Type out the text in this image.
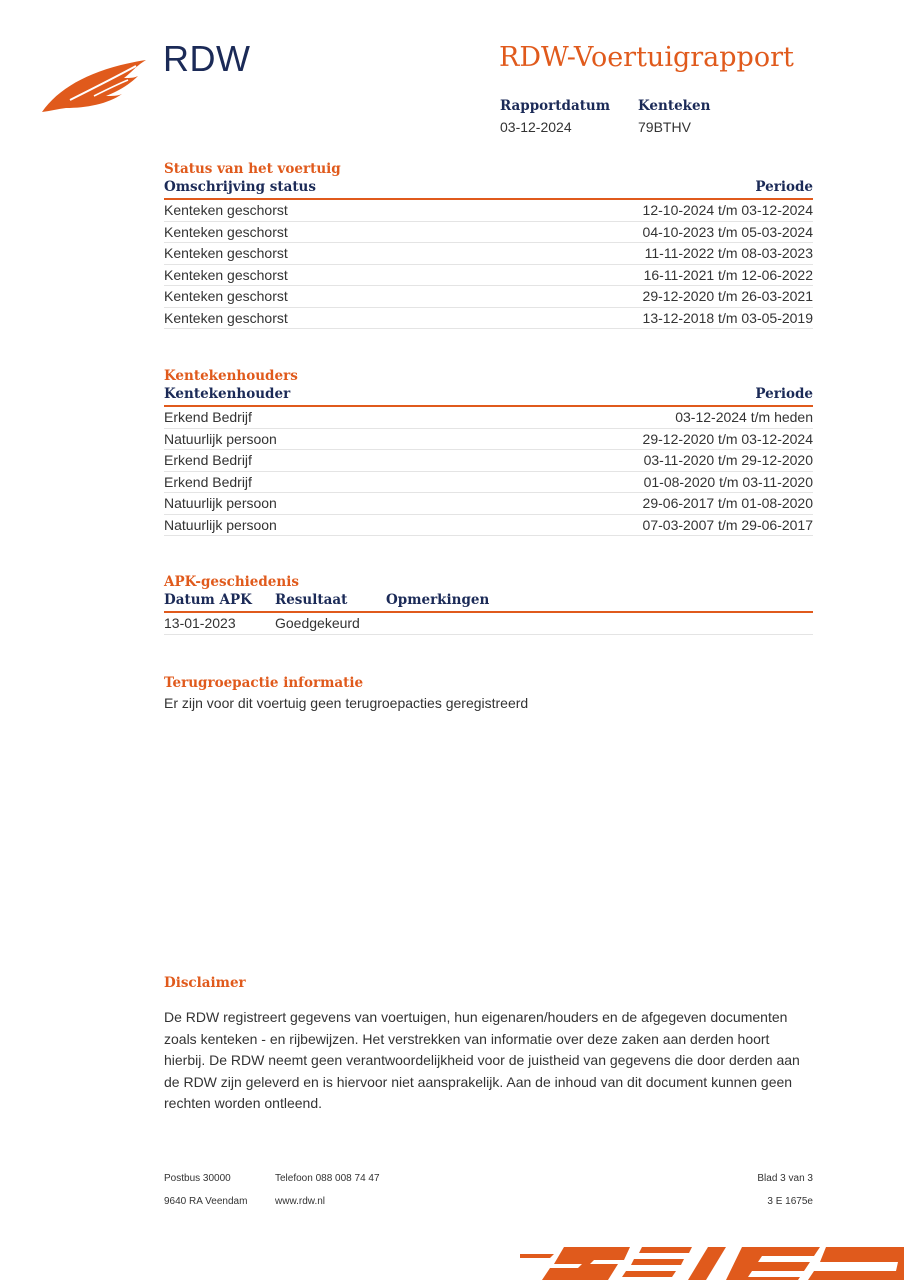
RDW	RDW-Voertuigrapport
Rapportdatum
03-12-2024
Kenteken
79BTHV
Status van het voertuig
Omschrijving status	Periode
Kenteken geschorst	12-10-2024 t/m 03-12-2024
Kenteken geschorst	04-10-2023 t/m 05-03-2024
Kenteken geschorst	11-11-2022 t/m 08-03-2023
Kenteken geschorst	16-11-2021 t/m 12-06-2022
Kenteken geschorst	29-12-2020 t/m 26-03-2021
Kenteken geschorst	13-12-2018 t/m 03-05-2019
Kentekenhouders
Kentekenhouder	Periode
Erkend Bedrijf	03-12-2024 t/m heden
Natuurlijk persoon	29-12-2020 t/m 03-12-2024
Erkend Bedrijf	03-11-2020 t/m 29-12-2020
Erkend Bedrijf	01-08-2020 t/m 03-11-2020
Natuurlijk persoon	29-06-2017 t/m 01-08-2020
Natuurlijk persoon	07-03-2007 t/m 29-06-2017
APK-geschiedenis
Datum APK	Resultaat	Opmerkingen
13-01-2023	Goedgekeurd
Terugroepactie informatie
Er zijn voor dit voertuig geen terugroepacties geregistreerd
Disclaimer
De RDW registreert gegevens van voertuigen, hun eigenaren/houders en de afgegeven documenten zoals kenteken - en rijbewijzen. Het verstrekken van informatie over deze zaken aan derden hoort hierbij. De RDW neemt geen verantwoordelijkheid voor de juistheid van gegevens die door derden aan de RDW zijn geleverd en is hiervoor niet aansprakelijk. Aan de inhoud van dit document kunnen geen rechten worden ontleend.
Postbus 30000
9640 RA Veendam
Telefoon 088 008 74 47
www.rdw.nl
Blad 3 van 3
3 E 1675e
